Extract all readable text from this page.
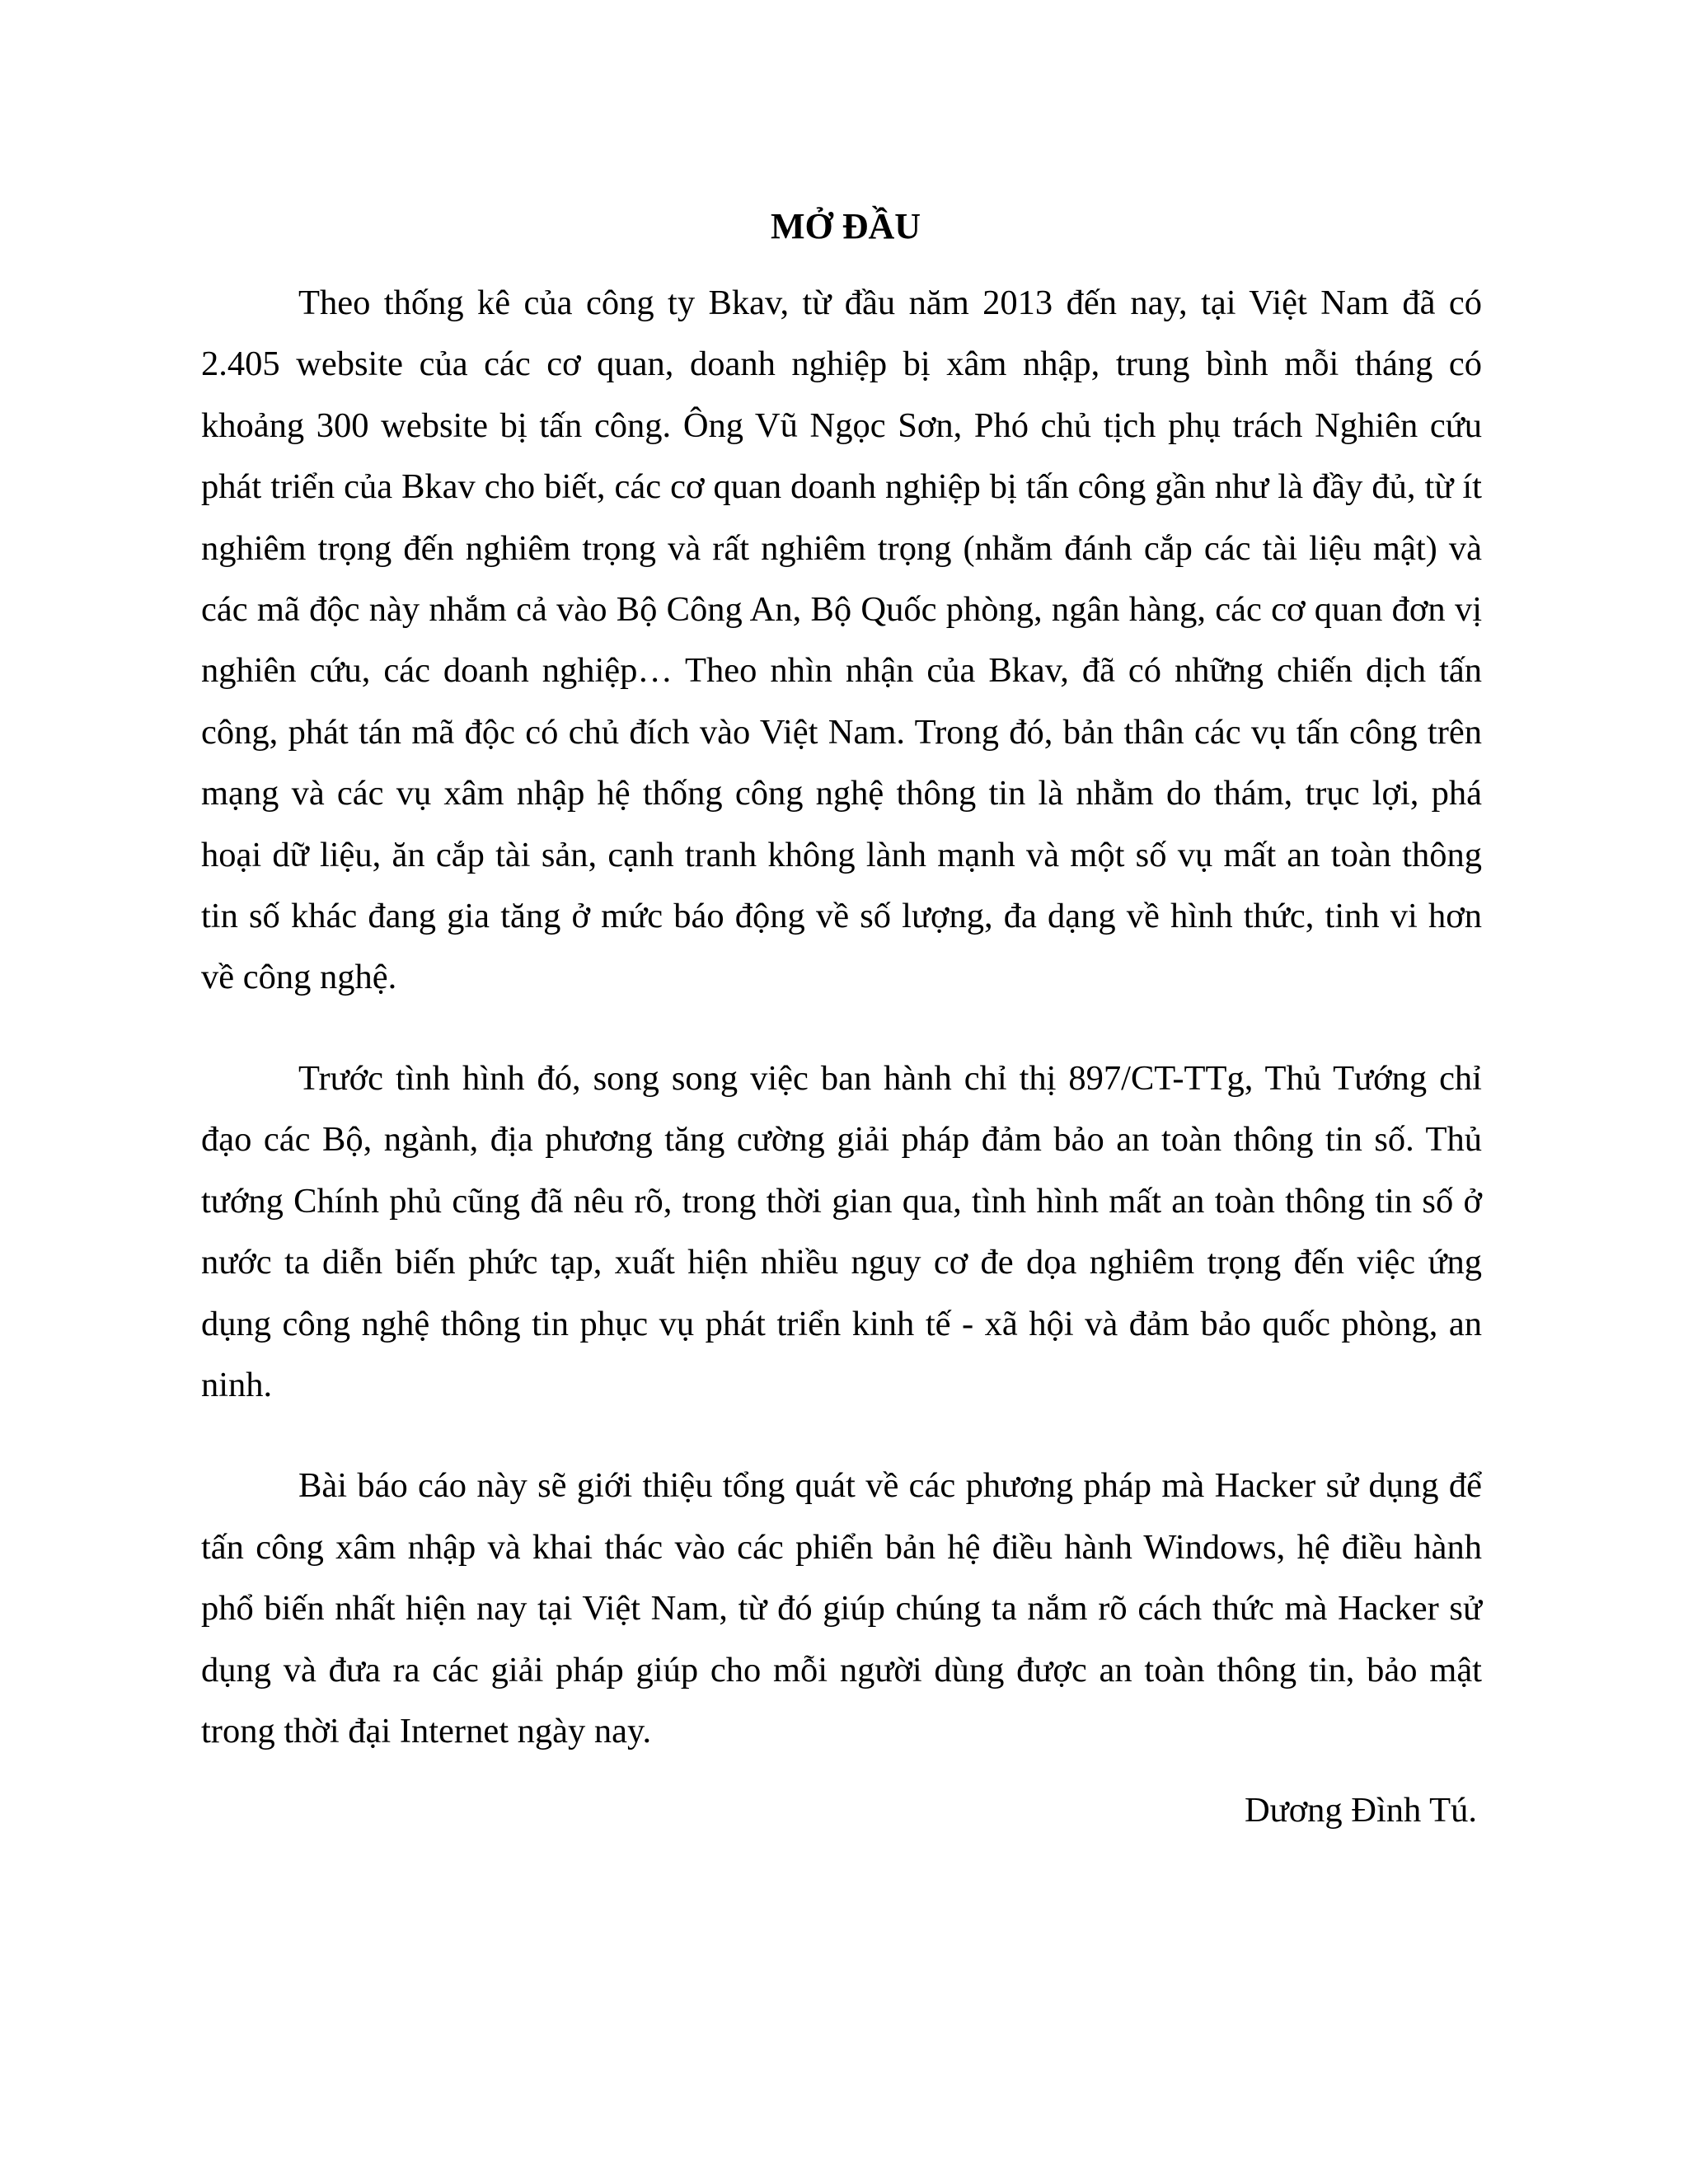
MỞ ĐẦU

Theo thống kê của công ty Bkav, từ đầu năm 2013 đến nay, tại Việt Nam đã có 2.405 website của các cơ quan, doanh nghiệp bị xâm nhập, trung bình mỗi tháng có khoảng 300 website bị tấn công. Ông Vũ Ngọc Sơn, Phó chủ tịch phụ trách Nghiên cứu phát triển của Bkav cho biết, các cơ quan doanh nghiệp bị tấn công gần như là đầy đủ, từ ít nghiêm trọng đến nghiêm trọng và rất nghiêm trọng (nhằm đánh cắp các tài liệu mật) và các mã độc này nhắm cả vào Bộ Công An, Bộ Quốc phòng, ngân hàng, các cơ quan đơn vị nghiên cứu, các doanh nghiệp… Theo nhìn nhận của Bkav, đã có những chiến dịch tấn công, phát tán mã độc có chủ đích vào Việt Nam. Trong đó, bản thân các vụ tấn công trên mạng và các vụ xâm nhập hệ thống công nghệ thông tin là nhằm do thám, trục lợi, phá hoại dữ liệu, ăn cắp tài sản, cạnh tranh không lành mạnh và một số vụ mất an toàn thông tin số khác đang gia tăng ở mức báo động về số lượng, đa dạng về hình thức, tinh vi hơn về công nghệ.

Trước tình hình đó, song song việc ban hành chỉ thị 897/CT-TTg, Thủ Tướng chỉ đạo các Bộ, ngành, địa phương tăng cường giải pháp đảm bảo an toàn thông tin số. Thủ tướng Chính phủ cũng đã nêu rõ, trong thời gian qua, tình hình mất an toàn thông tin số ở nước ta diễn biến phức tạp, xuất hiện nhiều nguy cơ đe dọa nghiêm trọng đến việc ứng dụng công nghệ thông tin phục vụ phát triển kinh tế - xã hội và đảm bảo quốc phòng, an ninh.

Bài báo cáo này sẽ giới thiệu tổng quát về các phương pháp mà Hacker sử dụng để tấn công xâm nhập và khai thác vào các phiển bản hệ điều hành Windows, hệ điều hành phổ biến nhất hiện nay tại Việt Nam, từ đó giúp chúng ta nắm rõ cách thức mà Hacker sử dụng và đưa ra các giải pháp giúp cho mỗi người dùng được an toàn thông tin, bảo mật trong thời đại Internet ngày nay.

Dương Đình Tú.
